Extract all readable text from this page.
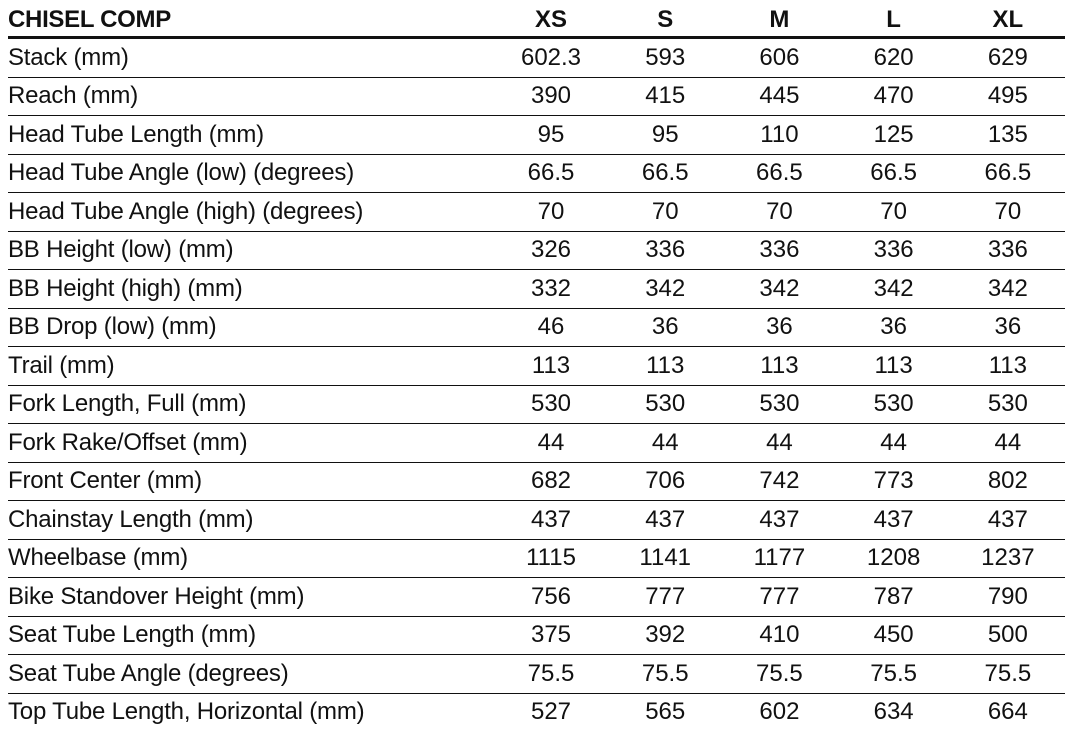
CHISEL COMP	XS	S	M	L	XL
Stack (mm)	602.3	593	606	620	629
Reach (mm)	390	415	445	470	495
Head Tube Length (mm)	95	95	110	125	135
Head Tube Angle (low) (degrees)	66.5	66.5	66.5	66.5	66.5
Head Tube Angle (high) (degrees)	70	70	70	70	70
BB Height (low) (mm)	326	336	336	336	336
BB Height (high) (mm)	332	342	342	342	342
BB Drop (low) (mm)	46	36	36	36	36
Trail (mm)	113	113	113	113	113
Fork Length, Full (mm)	530	530	530	530	530
Fork Rake/Offset (mm)	44	44	44	44	44
Front Center (mm)	682	706	742	773	802
Chainstay Length (mm)	437	437	437	437	437
Wheelbase (mm)	1115	1141	1177	1208	1237
Bike Standover Height (mm)	756	777	777	787	790
Seat Tube Length (mm)	375	392	410	450	500
Seat Tube Angle (degrees)	75.5	75.5	75.5	75.5	75.5
Top Tube Length, Horizontal (mm)	527	565	602	634	664
